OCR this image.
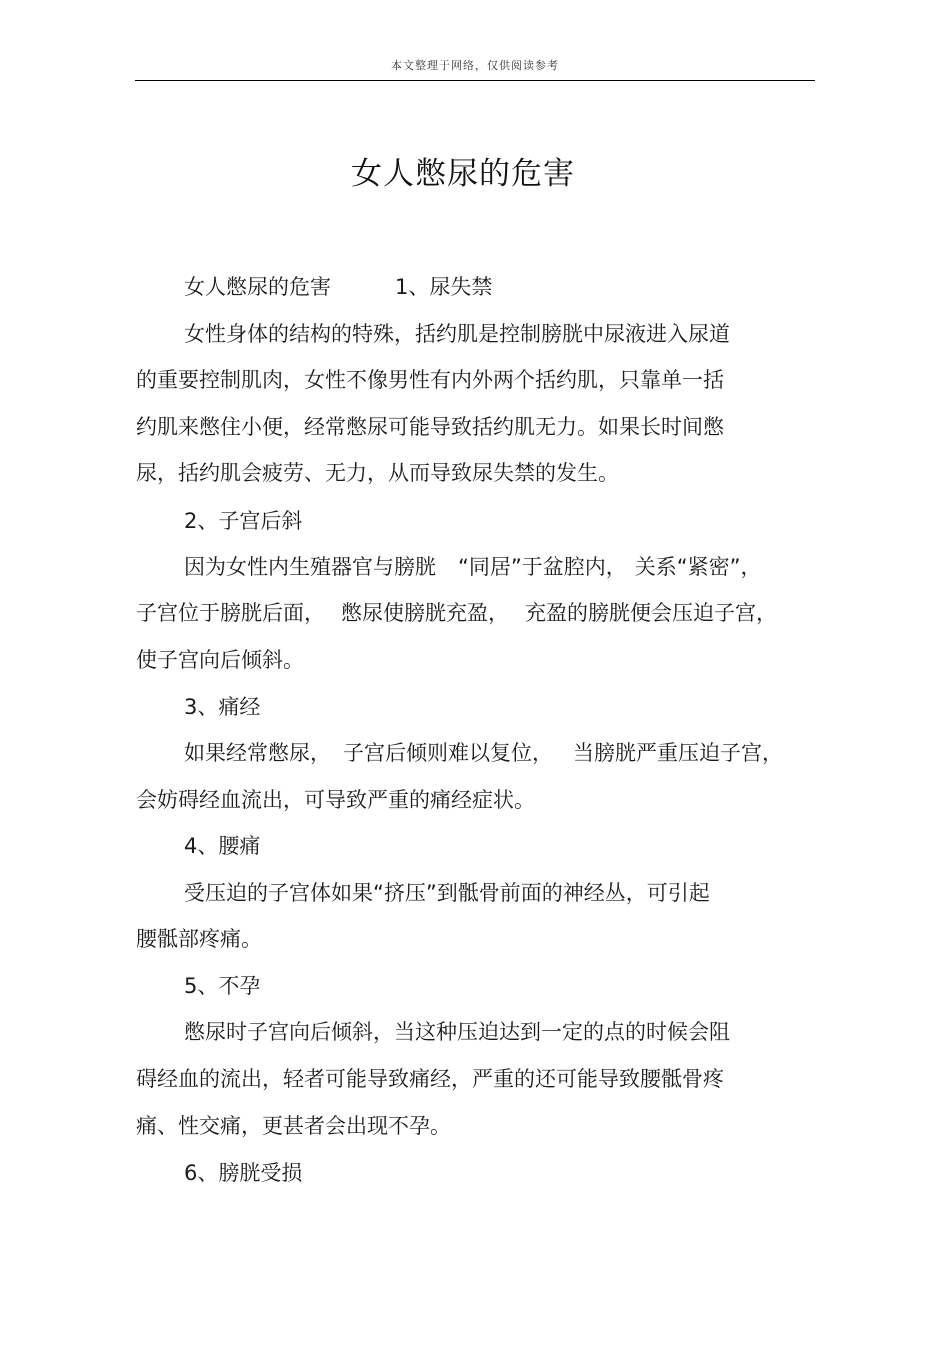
本文整理于网络，仅供阅读参考
女人憋尿的危害
女人憋尿的危害	1、尿失禁
女性身体的结构的特殊，括约肌是控制膀胱中尿液进入尿道
的重要控制肌肉，女性不像男性有内外两个括约肌，只靠单一括
约肌来憋住小便，经常憋尿可能导致括约肌无力。如果长时间憋
尿，括约肌会疲劳、无力，从而导致尿失禁的发生。
2、子宫后斜
因为女性内生殖器官与膀胱 “同居”于盆腔内， 关系“紧密”，
子宫位于膀胱后面， 憋尿使膀胱充盈， 充盈的膀胱便会压迫子宫，
使子宫向后倾斜。
3、痛经
如果经常憋尿， 子宫后倾则难以复位， 当膀胱严重压迫子宫，
会妨碍经血流出，可导致严重的痛经症状。
4、腰痛
受压迫的子宫体如果“挤压”到骶骨前面的神经丛，可引起
腰骶部疼痛。
5、不孕
憋尿时子宫向后倾斜，当这种压迫达到一定的点的时候会阻
碍经血的流出，轻者可能导致痛经，严重的还可能导致腰骶骨疼
痛、性交痛，更甚者会出现不孕。
6、膀胱受损
